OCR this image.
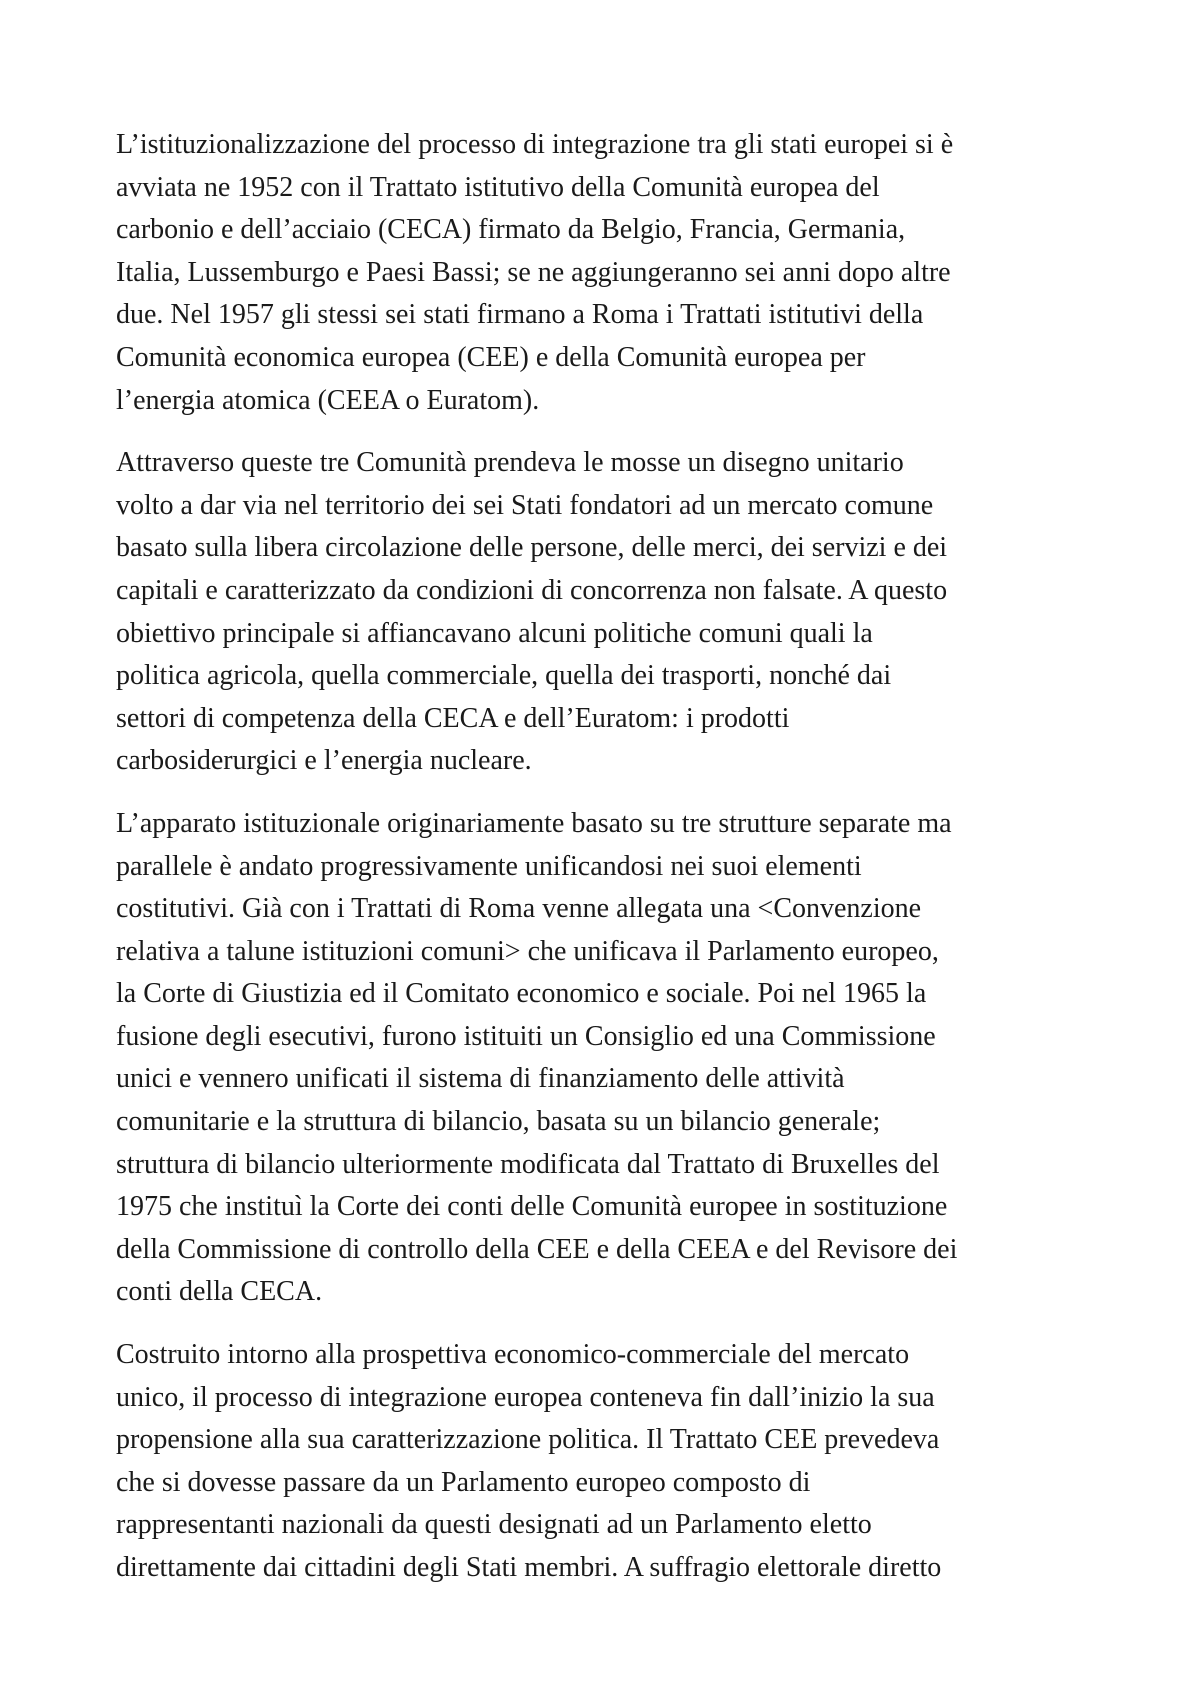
L’istituzionalizzazione del processo di integrazione tra gli stati europei si è
avviata ne 1952 con il Trattato istitutivo della Comunità europea del
carbonio e dell’acciaio (CECA) firmato da Belgio, Francia, Germania,
Italia, Lussemburgo e Paesi Bassi; se ne aggiungeranno sei anni dopo altre
due. Nel 1957 gli stessi sei stati firmano a Roma i Trattati istitutivi della
Comunità economica europea (CEE) e della Comunità europea per
l’energia atomica (CEEA o Euratom).

Attraverso queste tre Comunità prendeva le mosse un disegno unitario
volto a dar via nel territorio dei sei Stati fondatori ad un mercato comune
basato sulla libera circolazione delle persone, delle merci, dei servizi e dei
capitali e caratterizzato da condizioni di concorrenza non falsate. A questo
obiettivo principale si affiancavano alcuni politiche comuni quali la
politica agricola, quella commerciale, quella dei trasporti, nonché dai
settori di competenza della CECA e dell’Euratom: i prodotti
carbosiderurgici e l’energia nucleare.

L’apparato istituzionale originariamente basato su tre strutture separate ma
parallele è andato progressivamente unificandosi nei suoi elementi
costitutivi. Già con i Trattati di Roma venne allegata una <Convenzione
relativa a talune istituzioni comuni> che unificava il Parlamento europeo,
la Corte di Giustizia ed il Comitato economico e sociale. Poi nel 1965 la
fusione degli esecutivi, furono istituiti un Consiglio ed una Commissione
unici e vennero unificati il sistema di finanziamento delle attività
comunitarie e la struttura di bilancio, basata su un bilancio generale;
struttura di bilancio ulteriormente modificata dal Trattato di Bruxelles del
1975 che instituì la Corte dei conti delle Comunità europee in sostituzione
della Commissione di controllo della CEE e della CEEA e del Revisore dei
conti della CECA.

Costruito intorno alla prospettiva economico-commerciale del mercato
unico, il processo di integrazione europea conteneva fin dall’inizio la sua
propensione alla sua caratterizzazione politica. Il Trattato CEE prevedeva
che si dovesse passare da un Parlamento europeo composto di
rappresentanti nazionali da questi designati ad un Parlamento eletto
direttamente dai cittadini degli Stati membri. A suffragio elettorale diretto
